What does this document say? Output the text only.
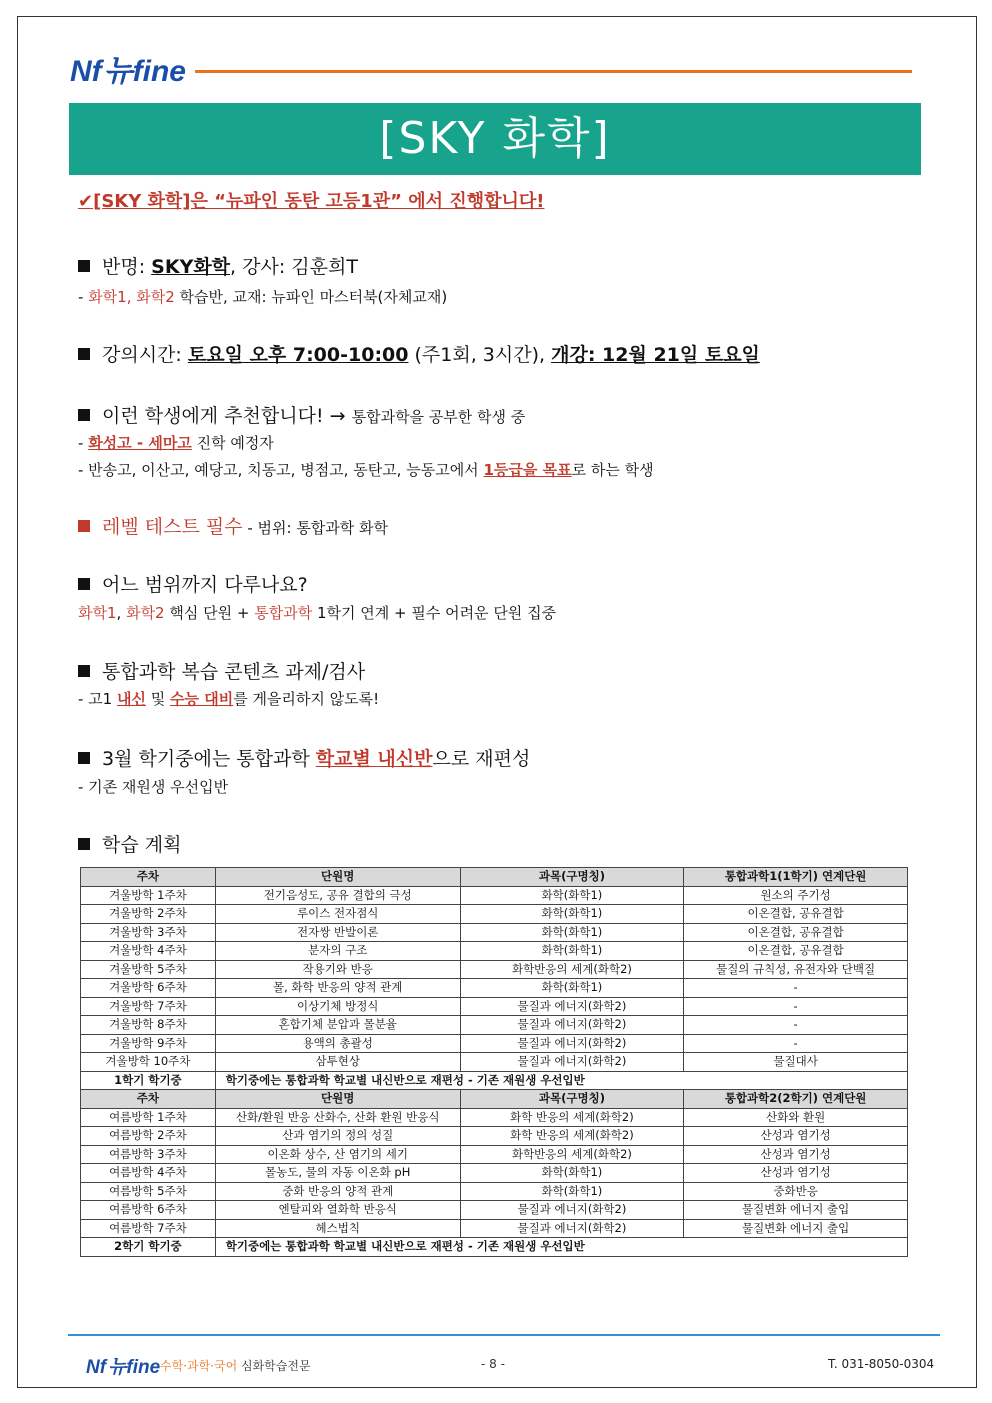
Nf 뉴fine
[SKY 화학]
✔[SKY 화학]은 “뉴파인 동탄 고등1관” 에서 진행합니다!
반명: SKY화학, 강사: 김훈희T
- 화학1, 화학2 학습반, 교재: 뉴파인 마스터북(자체교재)
강의시간: 토요일 오후 7:00-10:00 (주1회, 3시간), 개강: 12월 21일 토요일
이런 학생에게 추천합니다! → 통합과학을 공부한 학생 중
- 화성고 - 세마고 진학 예정자
- 반송고, 이산고, 예당고, 치동고, 병점고, 동탄고, 능동고에서 1등급을 목표로 하는 학생
레벨 테스트 필수 - 범위: 통합과학 화학
어느 범위까지 다루나요?
화학1, 화학2 핵심 단원 + 통합과학 1학기 연계 + 필수 어려운 단원 집중
통합과학 복습 콘텐츠 과제/검사
- 고1 내신 및 수능 대비를 게을리하지 않도록!
3월 학기중에는 통합과학 학교별 내신반으로 재편성
- 기존 재원생 우선입반
학습 계획
주차	단원명	과목(구명칭)	통합과학1(1학기) 연계단원
겨울방학 1주차	전기음성도, 공유 결합의 극성	화학(화학1)	원소의 주기성
겨울방학 2주차	루이스 전자점식	화학(화학1)	이온결합, 공유결합
겨울방학 3주차	전자쌍 반발이론	화학(화학1)	이온결합, 공유결합
겨울방학 4주차	분자의 구조	화학(화학1)	이온결합, 공유결합
겨울방학 5주차	작용기와 반응	화학반응의 세계(화학2)	물질의 규칙성, 유전자와 단백질
겨울방학 6주차	몰, 화학 반응의 양적 관계	화학(화학1)	-
겨울방학 7주차	이상기체 방정식	물질과 에너지(화학2)	-
겨울방학 8주차	혼합기체 분압과 몰분율	물질과 에너지(화학2)	-
겨울방학 9주차	용액의 총괄성	물질과 에너지(화학2)	-
겨울방학 10주차	삼투현상	물질과 에너지(화학2)	물질대사
1학기 학기중	학기중에는 통합과학 학교별 내신반으로 재편성 - 기존 재원생 우선입반		
주차	단원명	과목(구명칭)	통합과학2(2학기) 연계단원
여름방학 1주차	산화/환원 반응 산화수, 산화 환원 반응식	화학 반응의 세계(화학2)	산화와 환원
여름방학 2주차	산과 염기의 정의 성질	화학 반응의 세계(화학2)	산성과 염기성
여름방학 3주차	이온화 상수, 산 염기의 세기	화학반응의 세계(화학2)	산성과 염기성
여름방학 4주차	몰농도, 물의 자동 이온화 pH	화학(화학1)	산성과 염기성
여름방학 5주차	중화 반응의 양적 관계	화학(화학1)	중화반응
여름방학 6주차	엔탈피와 열화학 반응식	물질과 에너지(화학2)	물질변화 에너지 출입
여름방학 7주차	헤스법칙	물질과 에너지(화학2)	물질변화 에너지 출입
2학기 학기중	학기중에는 통합과학 학교별 내신반으로 재편성 - 기존 재원생 우선입반		
Nf 뉴fine 수학·과학·국어 심화학습전문	- 8 -	T. 031-8050-0304
